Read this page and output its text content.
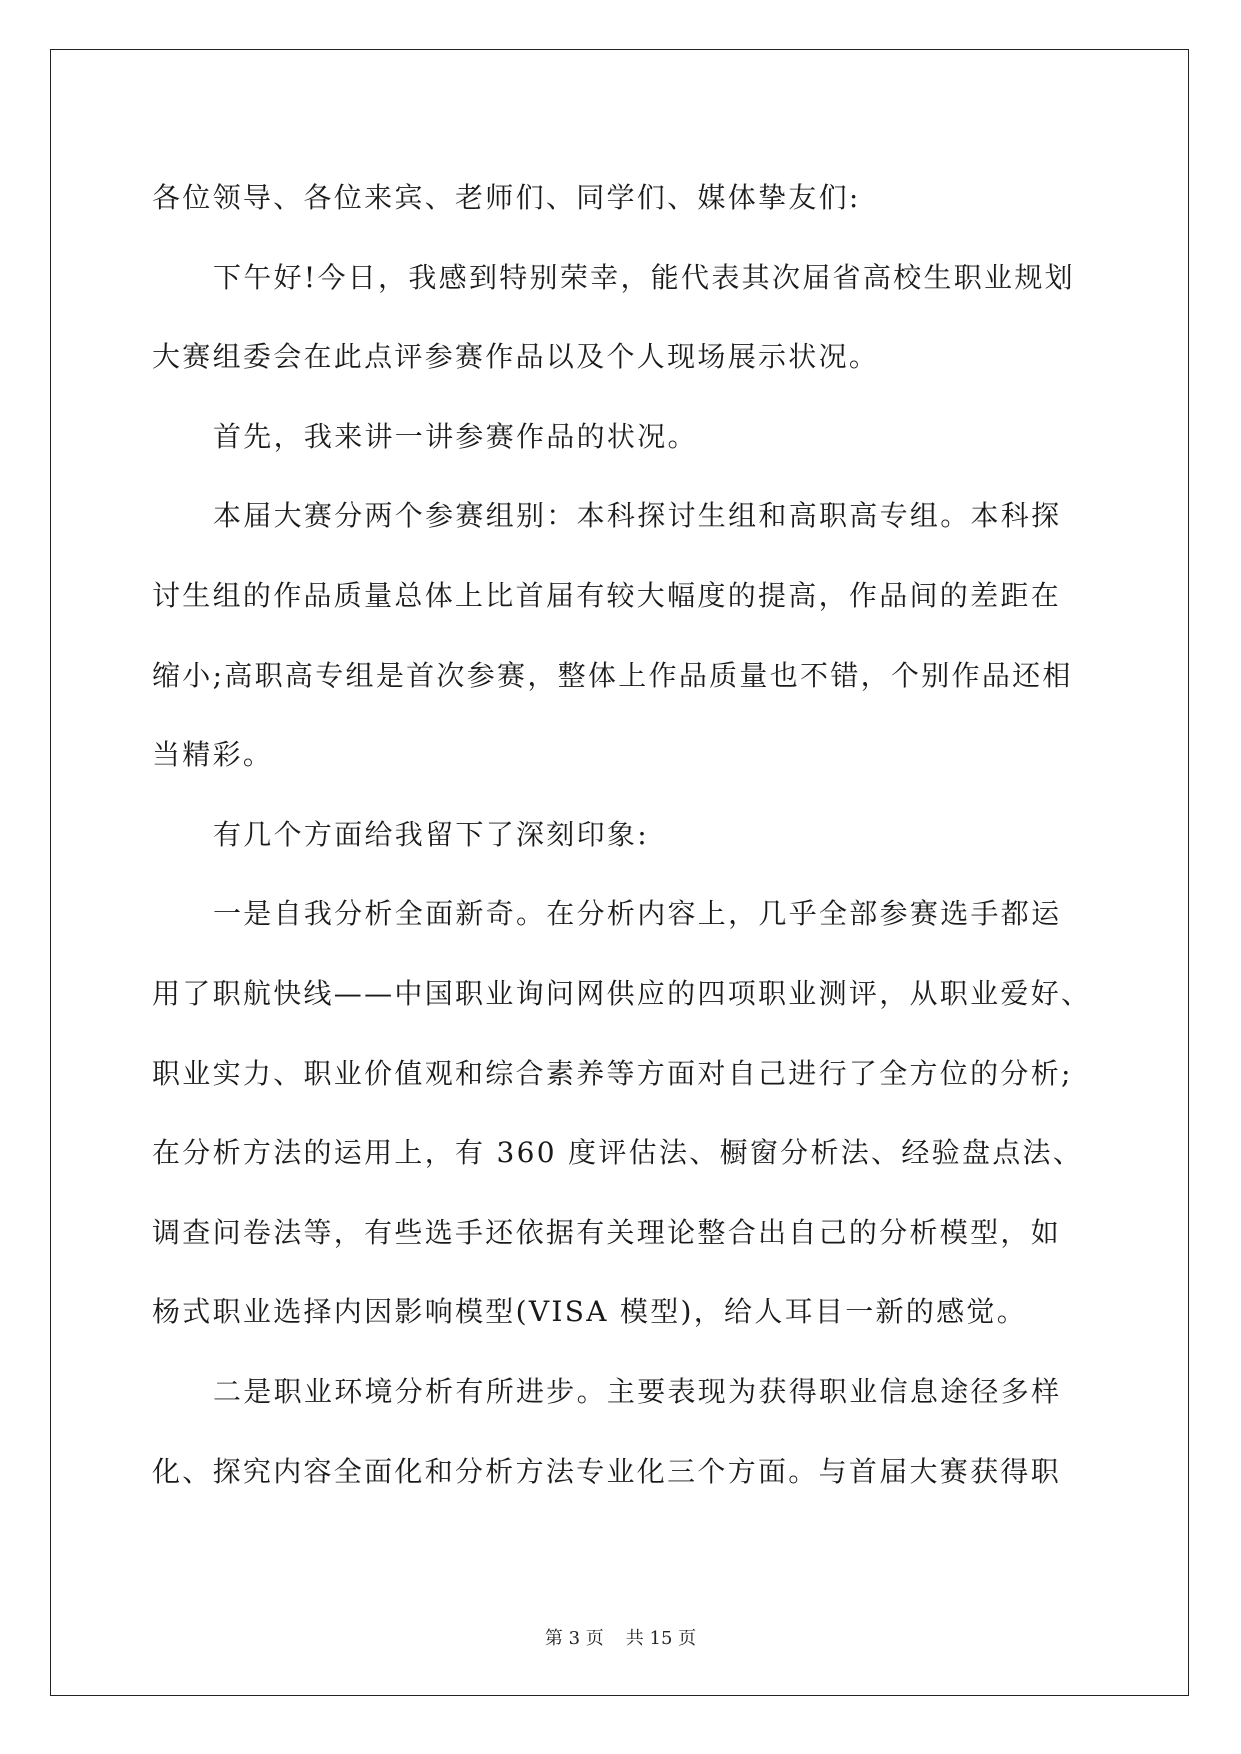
各位领导、各位来宾、老师们、同学们、媒体挚友们:
下午好!今日，我感到特别荣幸，能代表其次届省高校生职业规划
大赛组委会在此点评参赛作品以及个人现场展示状况。
首先，我来讲一讲参赛作品的状况。
本届大赛分两个参赛组别：本科探讨生组和高职高专组。本科探
讨生组的作品质量总体上比首届有较大幅度的提高，作品间的差距在
缩小;高职高专组是首次参赛，整体上作品质量也不错，个别作品还相
当精彩。
有几个方面给我留下了深刻印象:
一是自我分析全面新奇。在分析内容上，几乎全部参赛选手都运
用了职航快线——中国职业询问网供应的四项职业测评，从职业爱好、
职业实力、职业价值观和综合素养等方面对自己进行了全方位的分析;
在分析方法的运用上，有 360 度评估法、橱窗分析法、经验盘点法、
调查问卷法等，有些选手还依据有关理论整合出自己的分析模型，如
杨式职业选择内因影响模型(VISA 模型)，给人耳目一新的感觉。
二是职业环境分析有所进步。主要表现为获得职业信息途径多样
化、探究内容全面化和分析方法专业化三个方面。与首届大赛获得职
第 3 页 共 15 页
